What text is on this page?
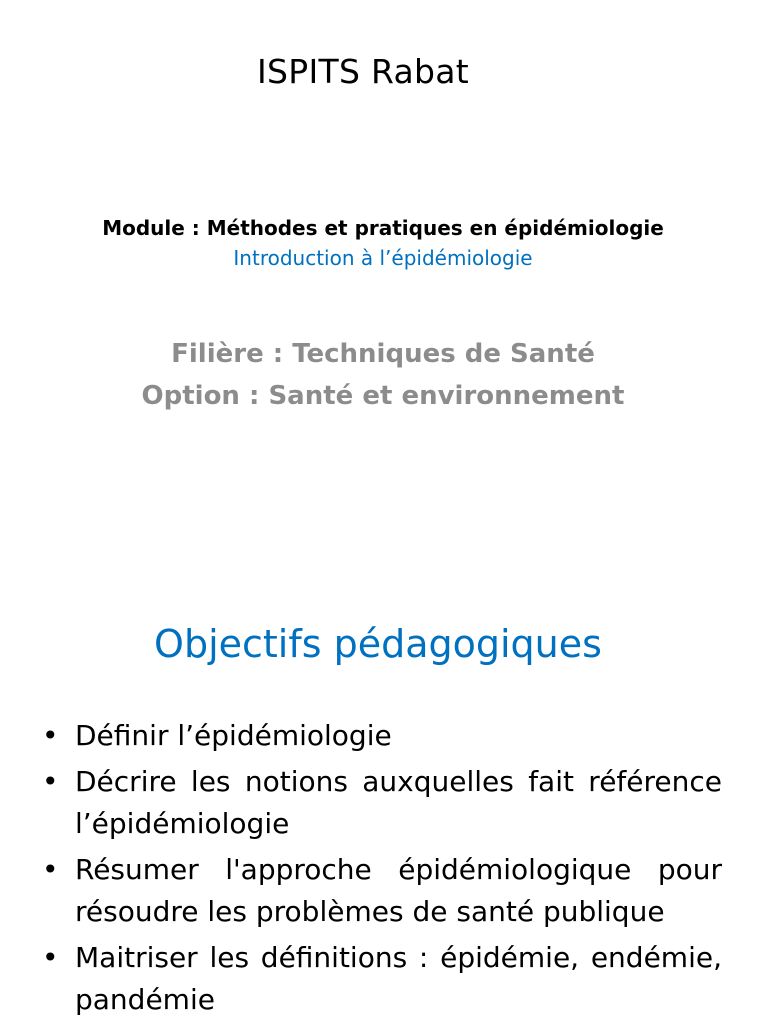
ISPITS Rabat
Module : Méthodes et pratiques en épidémiologie
Introduction à l’épidémiologie
Filière : Techniques de Santé
Option : Santé et environnement
Objectifs pédagogiques
• Définir l’épidémiologie
• Décrire les notions auxquelles fait référence l’épidémiologie
• Résumer l'approche épidémiologique pour résoudre les problèmes de santé publique
• Maitriser les définitions : épidémie, endémie, pandémie
